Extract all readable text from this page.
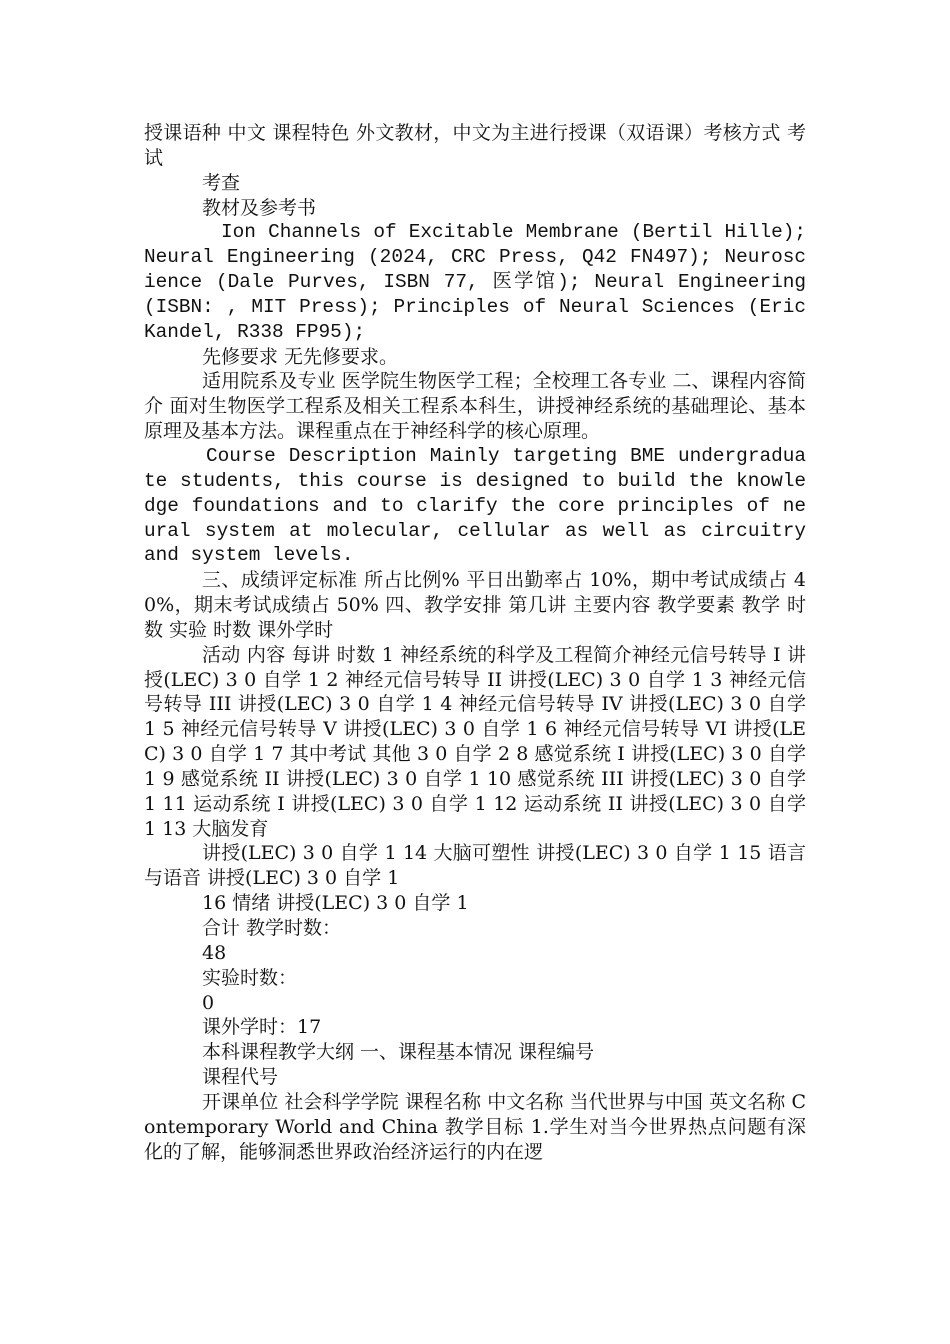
授课语种 中文 课程特色 外文教材，中文为主进行授课（双语课）考核方式 考试

考查

教材及参考书

Ion Channels of Excitable Membrane (Bertil Hille); Neural Engineering (2024, CRC Press, Q42 FN497); Neuroscience (Dale Purves, ISBN 77, 医学馆); Neural Engineering (ISBN: , MIT Press); Principles of Neural Sciences (Eric Kandel, R338 FP95);

先修要求 无先修要求。

适用院系及专业 医学院生物医学工程；全校理工各专业 二、课程内容简介 面对生物医学工程系及相关工程系本科生，讲授神经系统的基础理论、基本原理及基本方法。课程重点在于神经科学的核心原理。

Course Description Mainly targeting BME undergraduate students, this course is designed to build the knowledge foundations and to clarify the core principles of neural system at molecular, cellular as well as circuitry and system levels.

三、成绩评定标准 所占比例% 平日出勤率占 10%，期中考试成绩占 40%，期末考试成绩占 50% 四、教学安排 第几讲 主要内容 教学要素 教学 时数 实验 时数 课外学时

活动 内容 每讲 时数 1 神经系统的科学及工程简介神经元信号转导 I 讲授(LEC) 3 0 自学 1 2 神经元信号转导 II 讲授(LEC) 3 0 自学 1 3 神经元信号转导 III 讲授(LEC) 3 0 自学 1 4 神经元信号转导 IV 讲授(LEC) 3 0 自学 1 5 神经元信号转导 V 讲授(LEC) 3 0 自学 1 6 神经元信号转导 VI 讲授(LEC) 3 0 自学 1 7 其中考试 其他 3 0 自学 2 8 感觉系统 I 讲授(LEC) 3 0 自学 1 9 感觉系统 II 讲授(LEC) 3 0 自学 1 10 感觉系统 III 讲授(LEC) 3 0 自学 1 11 运动系统 I 讲授(LEC) 3 0 自学 1 12 运动系统 II 讲授(LEC) 3 0 自学 1 13 大脑发育

讲授(LEC) 3 0 自学 1 14 大脑可塑性 讲授(LEC) 3 0 自学 1 15 语言与语音 讲授(LEC) 3 0 自学 1

16 情绪 讲授(LEC) 3 0 自学 1

合计 教学时数：

48

实验时数：

0

课外学时：17

本科课程教学大纲 一、课程基本情况 课程编号

课程代号

开课单位 社会科学学院 课程名称 中文名称 当代世界与中国 英文名称 Contemporary World and China 教学目标 1.学生对当今世界热点问题有深化的了解，能够洞悉世界政治经济运行的内在逻
